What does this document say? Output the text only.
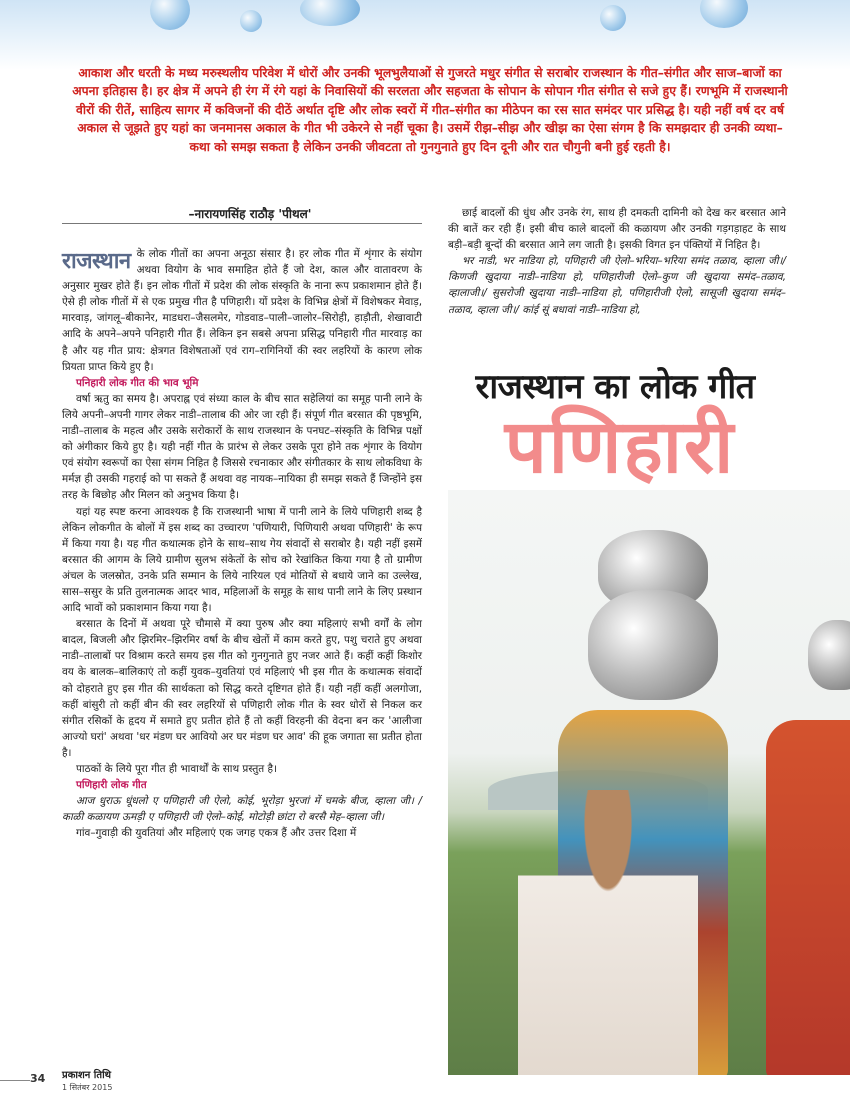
आकाश और धरती के मध्य मरुस्थलीय परिवेश में धोरों और उनकी भूलभुलैयाओं से गुजरते मधुर संगीत से सराबोर राजस्थान के गीत–संगीत और साज–बाजों का अपना इतिहास है। हर क्षेत्र में अपने ही रंग में रंगे यहां के निवासियों की सरलता और सहजता के सोपान के सोपान गीत संगीत से सजे हुए हैं। रणभूमि में राजस्थानी वीरों की रीतें, साहित्य सागर में कविजनों की दीठें अर्थात दृष्टि और लोक स्वरों में गीत–संगीत का मीठेपन का रस सात समंदर पार प्रसिद्ध है। यही नहीं वर्ष दर वर्ष अकाल से जूझते हुए यहां का जनमानस अकाल के गीत भी उकेरने से नहीं चूका है। उसमें रीझ–सीझ और खीझ का ऐसा संगम है कि समझदार ही उनकी व्यथा–कथा को समझ सकता है लेकिन उनकी जीवटता तो गुनगुनाते हुए दिन दूनी और रात चौगुनी बनी हुई रहती है।
–नारायणसिंह राठौड़ 'पीथल'

राजस्थान के लोक गीतों का अपना अनूठा संसार है। हर लोक गीत में शृंगार के संयोग अथवा वियोग के भाव समाहित होते हैं जो देश, काल और वातावरण के अनुसार मुखर होते हैं। इन लोक गीतों में प्रदेश की लोक संस्कृति के नाना रूप प्रकाशमान होते हैं। ऐसे ही लोक गीतों में से एक प्रमुख गीत है पणिहारी। यों प्रदेश के विभिन्न क्षेत्रों में विशेषकर मेवाड़, मारवाड़, जांगलू–बीकानेर, माडधरा–जैसलमेर, गोडवाड–पाली–जालोर–सिरोही, हाड़ौती, शेखावाटी आदि के अपने–अपने पनिहारी गीत हैं। लेकिन इन सबसे अपना प्रसिद्ध पनिहारी गीत मारवाड़ का है और यह गीत प्राय: क्षेत्रगत विशेषताओं एवं राग–रागिनियों की स्वर लहरियों के कारण लोक प्रियता प्राप्त किये हुए है।

पनिहारी लोक गीत की भाव भूमि

वर्षा ऋतु का समय है। अपराह्न एवं संध्या काल के बीच सात सहेलियां का समूह पानी लाने के लिये अपनी–अपनी गागर लेकर नाडी–तालाब की ओर जा रही हैं। संपूर्ण गीत बरसात की पृष्ठभूमि, नाडी–तालाब के महत्व और उसके सरोकारों के साथ राजस्थान के पनघट–संस्कृति के विभिन्न पक्षों को अंगीकार किये हुए है। यही नहीं गीत के प्रारंभ से लेकर उसके पूरा होने तक शृंगार के वियोग एवं संयोग स्वरूपों का ऐसा संगम निहित है जिससे रचनाकार और संगीतकार के साथ लोकविधा के मर्मज्ञ ही उसकी गहराई को पा सकते हैं अथवा वह नायक–नायिका ही समझ सकते हैं जिन्होंने इस तरह के बिछोह और मिलन को अनुभव किया है।

यहां यह स्पष्ट करना आवश्यक है कि राजस्थानी भाषा में पानी लाने के लिये पणिहारी शब्द है लेकिन लोकगीत के बोलों में इस शब्द का उच्चारण 'पणियारी, पिणियारी अथवा पणिहारी' के रूप में किया गया है। यह गीत कथात्मक होने के साथ–साथ गेय संवादों से सराबोर है। यही नहीं इसमें बरसात की आगम के लिये ग्रामीण सुलभ संकेतों के सोच को रेखांकित किया गया है तो ग्रामीण अंचल के जलस्रोत, उनके प्रति सम्मान के लिये नारियल एवं मोतियों से बधाये जाने का उल्लेख, सास–ससुर के प्रति तुलनात्मक आदर भाव, महिलाओं के समूह के साथ पानी लाने के लिए प्रस्थान आदि भावों को प्रकाशमान किया गया है।

बरसात के दिनों में अथवा पूरे चौमासे में क्या पुरुष और क्या महिलाएं सभी वर्गों के लोग बादल, बिजली और झिरमिर–झिरमिर वर्षा के बीच खेतों में काम करते हुए, पशु चराते हुए अथवा नाडी–तालाबों पर विश्राम करते समय इस गीत को गुनगुनाते हुए नजर आते हैं। कहीं कहीं किशोर वय के बालक–बालिकाएं तो कहीं युवक–युवतियां एवं महिलाएं भी इस गीत के कथात्मक संवादों को दोहराते हुए इस गीत की सार्थकता को सिद्ध करते दृष्टिगत होते हैं। यही नहीं कहीं अलगोजा, कहीं बांसुरी तो कहीं बीन की स्वर लहरियों से पणिहारी लोक गीत के स्वर धोरों से निकल कर संगीत रसिकों के हृदय में समाते हुए प्रतीत होते हैं तो कहीं विरहनी की वेदना बन कर 'आलीजा आज्यो घरां' अथवा 'धर मंडण घर आवियो अर घर मंडण घर आव' की हूक जगाता सा प्रतीत होता है।

पाठकों के लिये पूरा गीत ही भावार्थों के साथ प्रस्तुत है।

पणिहारी लोक गीत

आज धुराऊ धूंधलो ए पणिहारी जी ऐलो, कोई, भूरोड़ा भुरजां में चमके बीज, व्हाला जी। / काळी कळायण ऊमड़ी ए पणिहारी जी ऐलो–कोई, मोटोड़ी छांटा रो बरसै मेह–व्हाला जी।

गांव–गुवाड़ी की युवतियां और महिलाएं एक जगह एकत्र हैं और उत्तर दिशा में

छाई बादलों की धुंध और उनके रंग, साथ ही दमकती दामिनी को देख कर बरसात आने की बातें कर रही हैं। इसी बीच काले बादलों की कळायण और उनकी गड़गड़ाहट के साथ बड़ी–बड़ी बून्दों की बरसात आने लग जाती है। इसकी विगत इन पंक्तियों में निहित है।

भर नाडी, भर नाडिया हो, पणिहारी जी ऐलो–भरिया–भरिया समंद तळाव, व्हाला जी।/ किणजी खुदाया नाडी–नाडिया हो, पणिहारीजी ऐलो–कुण जी खुदाया समंद–तळाव, व्हालाजी।/ सुसरोजी खुदाया नाडी–नाडिया हो, पणिहारीजी ऐलो, सासूजी खुदाया समंद–तळाव, व्हाला जी।/ कांई सूं बधावां नाडी–नाडिया हो,

राजस्थान का लोक गीत
पणिहारी
34 प्रकाशन तिथि
1 सितंबर 2015
